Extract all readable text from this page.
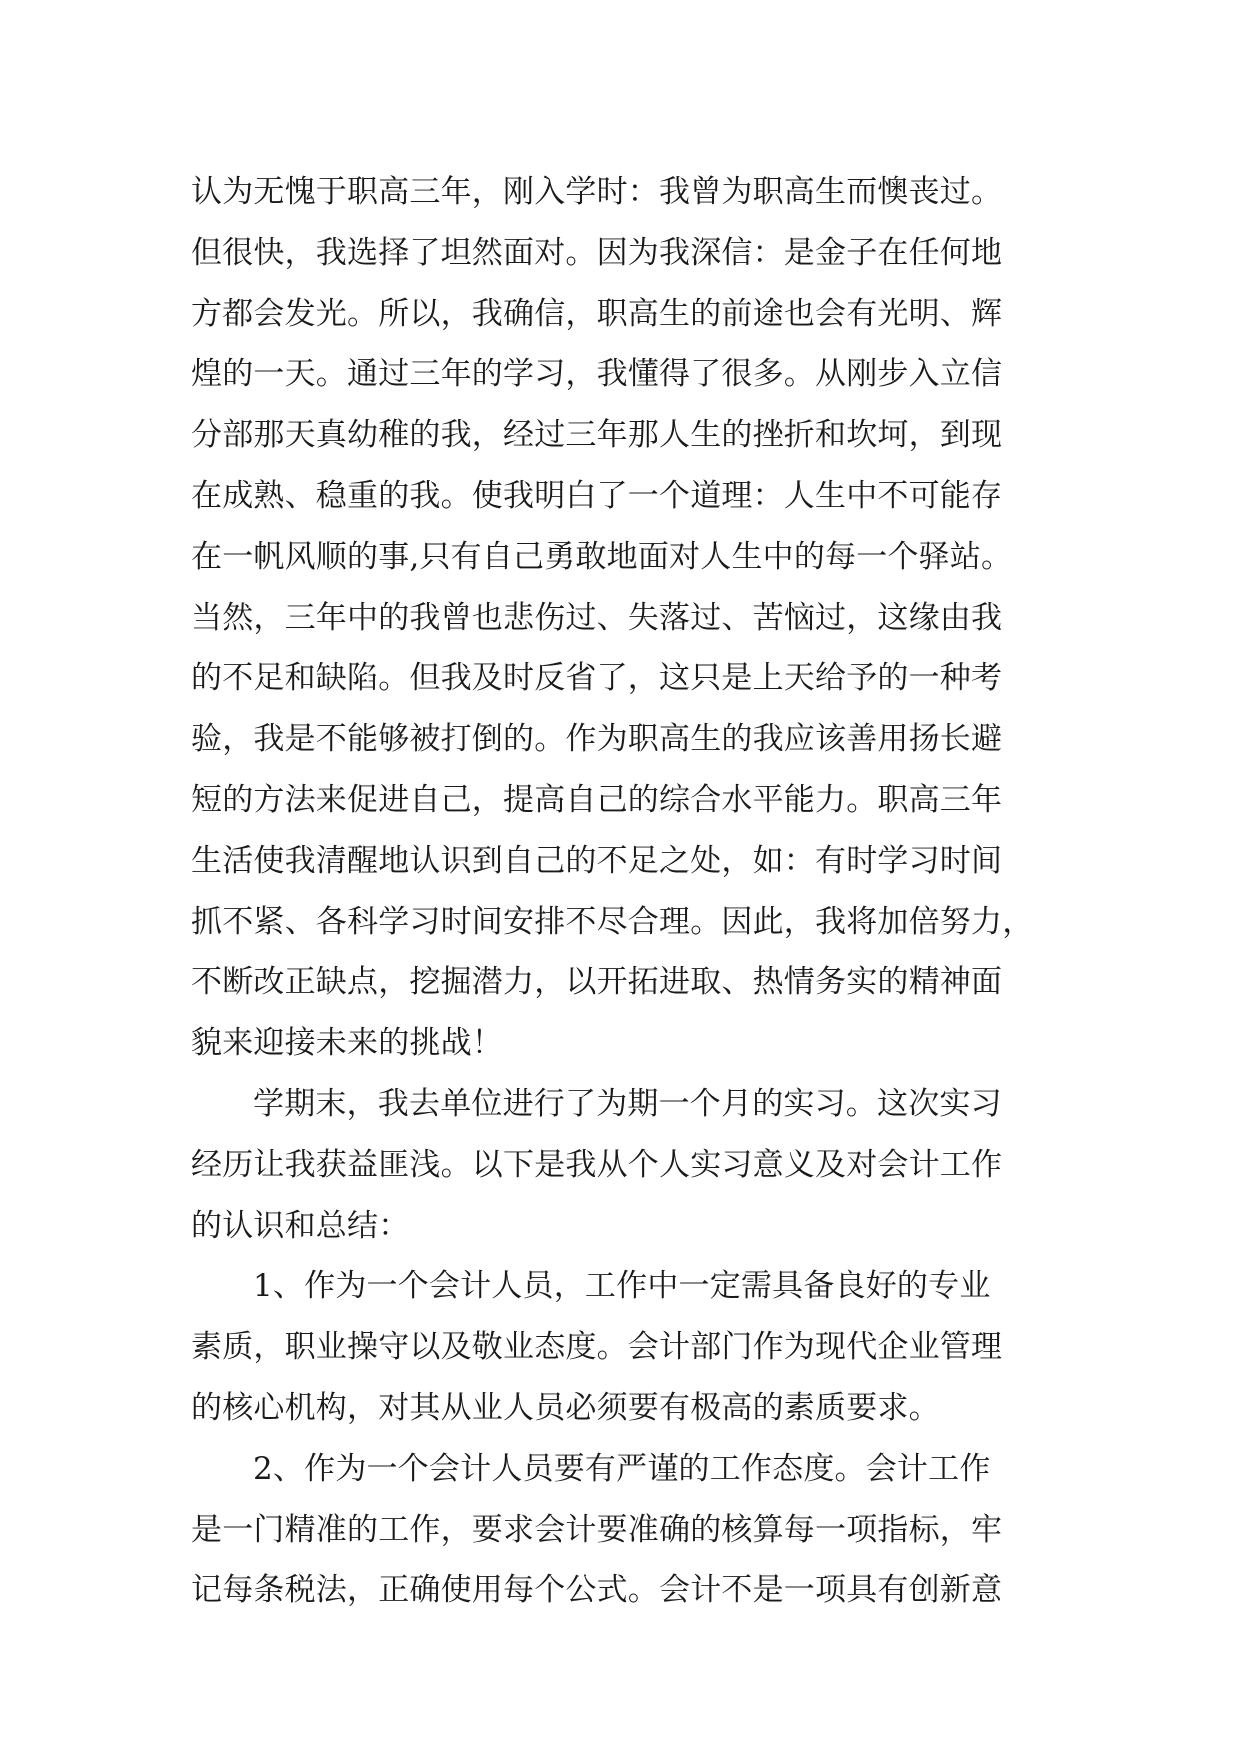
认为无愧于职高三年，刚入学时：我曾为职高生而懊丧过。
但很快，我选择了坦然面对。因为我深信：是金子在任何地
方都会发光。所以，我确信，职高生的前途也会有光明、辉
煌的一天。通过三年的学习，我懂得了很多。从刚步入立信
分部那天真幼稚的我，经过三年那人生的挫折和坎坷，到现
在成熟、稳重的我。使我明白了一个道理：人生中不可能存
在一帆风顺的事,只有自己勇敢地面对人生中的每一个驿站。
当然，三年中的我曾也悲伤过、失落过、苦恼过，这缘由我
的不足和缺陷。但我及时反省了，这只是上天给予的一种考
验，我是不能够被打倒的。作为职高生的我应该善用扬长避
短的方法来促进自己，提高自己的综合水平能力。职高三年
生活使我清醒地认识到自己的不足之处，如：有时学习时间
抓不紧、各科学习时间安排不尽合理。因此，我将加倍努力，
不断改正缺点，挖掘潜力，以开拓进取、热情务实的精神面
貌来迎接未来的挑战！
学期末，我去单位进行了为期一个月的实习。这次实习
经历让我获益匪浅。以下是我从个人实习意义及对会计工作
的认识和总结：
1、作为一个会计人员，工作中一定需具备良好的专业
素质，职业操守以及敬业态度。会计部门作为现代企业管理
的核心机构，对其从业人员必须要有极高的素质要求。
2、作为一个会计人员要有严谨的工作态度。会计工作
是一门精准的工作，要求会计要准确的核算每一项指标，牢
记每条税法，正确使用每个公式。会计不是一项具有创新意
